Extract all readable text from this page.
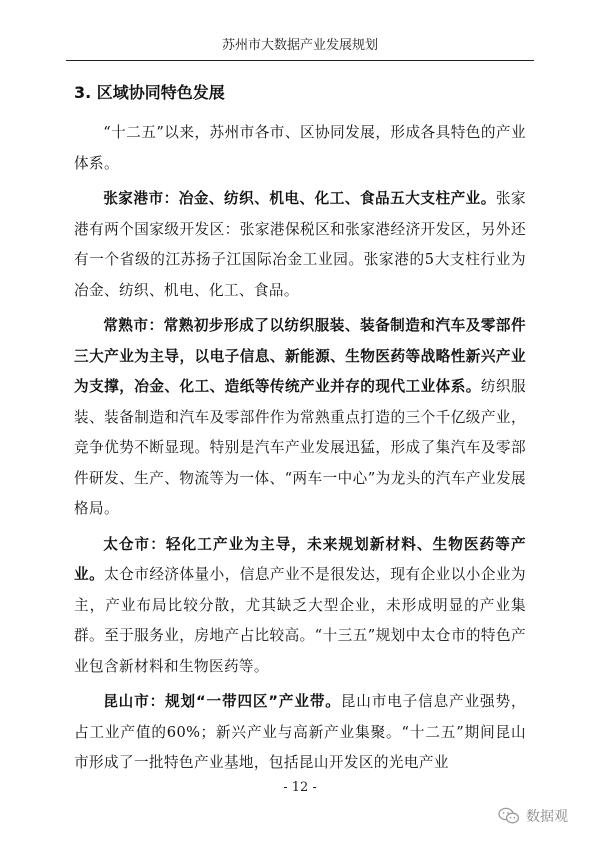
苏州市大数据产业发展规划
3. 区域协同特色发展

“十二五”以来，苏州市各市、区协同发展，形成各具特色的产业体系。

张家港市：冶金、纺织、机电、化工、食品五大支柱产业。张家港有两个国家级开发区：张家港保税区和张家港经济开发区，另外还有一个省级的江苏扬子江国际冶金工业园。张家港的5大支柱行业为冶金、纺织、机电、化工、食品。

常熟市：常熟初步形成了以纺织服装、装备制造和汽车及零部件三大产业为主导，以电子信息、新能源、生物医药等战略性新兴产业为支撑，冶金、化工、造纸等传统产业并存的现代工业体系。纺织服装、装备制造和汽车及零部件作为常熟重点打造的三个千亿级产业，竞争优势不断显现。特别是汽车产业发展迅猛，形成了集汽车及零部件研发、生产、物流等为一体、“两车一中心”为龙头的汽车产业发展格局。

太仓市：轻化工产业为主导，未来规划新材料、生物医药等产业。太仓市经济体量小，信息产业不是很发达，现有企业以小企业为主，产业布局比较分散，尤其缺乏大型企业，未形成明显的产业集群。至于服务业，房地产占比较高。“十三五”规划中太仓市的特色产业包含新材料和生物医药等。

昆山市：规划“一带四区”产业带。昆山市电子信息产业强势，占工业产值的60%；新兴产业与高新产业集聚。“十二五”期间昆山市形成了一批特色产业基地，包括昆山开发区的光电产业

- 12 -
数据观
